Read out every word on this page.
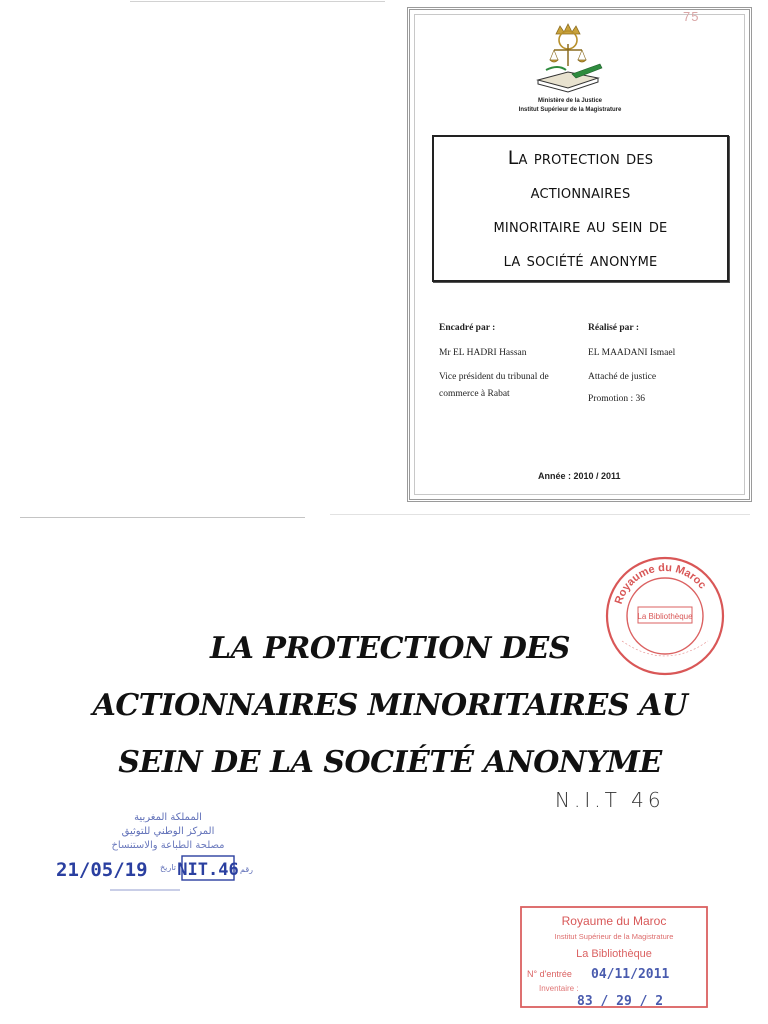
75
Ministère de la Justice
Institut Supérieur de la Magistrature
La protection des
actionnaires
minoritaire au sein de
la société anonyme
Encadré par :
Mr EL HADRI Hassan
Vice président du tribunal de
commerce à Rabat
Réalisé par :
EL MAADANI Ismael
Attaché de justice
Promotion : 36
Année : 2010 / 2011
LA PROTECTION DES
ACTIONNAIRES MINORITAIRES AU
SEIN DE LA SOCIÉTÉ ANONYME
N.I.T 46
Royaume du Maroc
La Bibliothèque
المملكة المغربية
المركز الوطني للتوثيق
مصلحة الطباعة والاستنساخ
21/05/19 تاريخ NIT.46 رقم
Royaume du Maroc
Institut Supérieur de la Magistrature
La Bibliothèque
N° d'entrée 04/11/2011
Inventaire :
83 / 29 / 2
